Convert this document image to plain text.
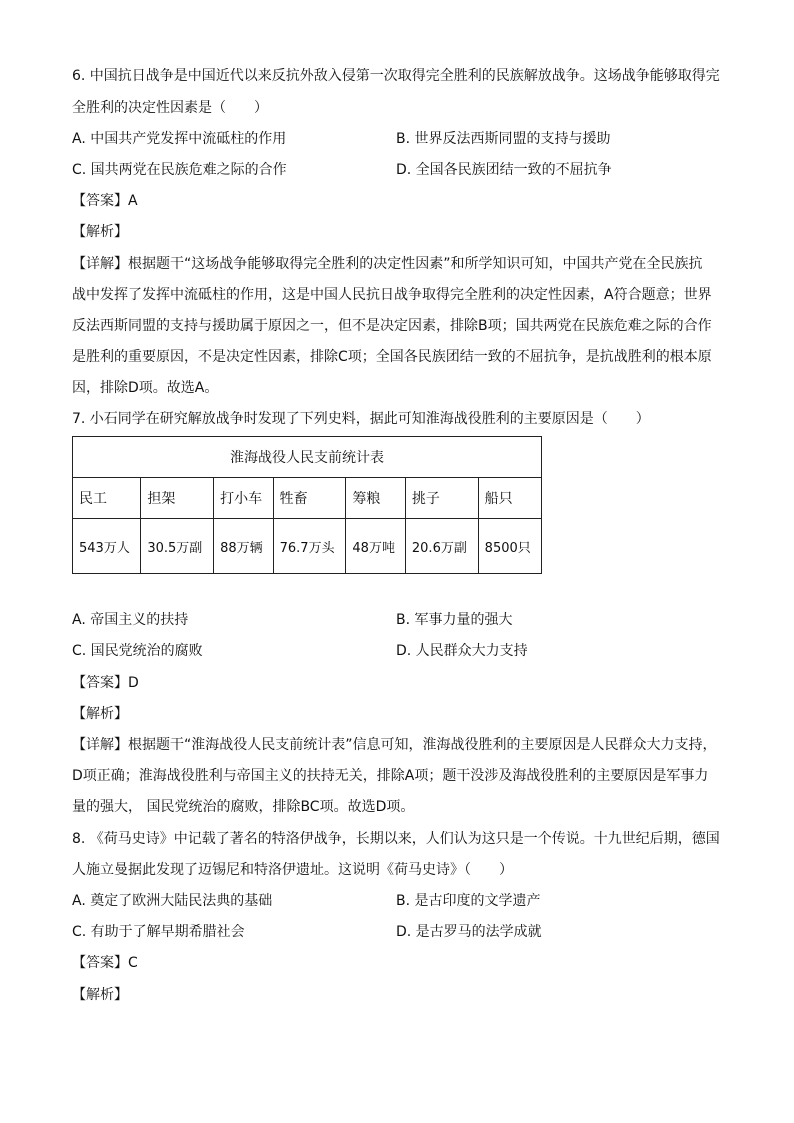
6. 中国抗日战争是中国近代以来反抗外敌入侵第一次取得完全胜利的民族解放战争。这场战争能够取得完
全胜利的决定性因素是（　　）
A. 中国共产党发挥中流砥柱的作用	B. 世界反法西斯同盟的支持与援助
C. 国共两党在民族危难之际的合作	D. 全国各民族团结一致的不屈抗争
【答案】A
【解析】
【详解】根据题干“这场战争能够取得完全胜利的决定性因素”和所学知识可知，中国共产党在全民族抗
战中发挥了发挥中流砥柱的作用，这是中国人民抗日战争取得完全胜利的决定性因素，A符合题意；世界
反法西斯同盟的支持与援助属于原因之一，但不是决定因素，排除B项；国共两党在民族危难之际的合作
是胜利的重要原因，不是决定性因素，排除C项；全国各民族团结一致的不屈抗争，是抗战胜利的根本原
因，排除D项。故选A。
7. 小石同学在研究解放战争时发现了下列史料，据此可知淮海战役胜利的主要原因是（　　）
淮海战役人民支前统计表						
民工	担架	打小车	牲畜	筹粮	挑子	船只
543万人	30.5万副	88万辆	76.7万头	48万吨	20.6万副	8500只
A. 帝国主义的扶持	B. 军事力量的强大
C. 国民党统治的腐败	D. 人民群众大力支持
【答案】D
【解析】
【详解】根据题干“淮海战役人民支前统计表”信息可知，淮海战役胜利的主要原因是人民群众大力支持，
D项正确；淮海战役胜利与帝国主义的扶持无关，排除A项；题干没涉及海战役胜利的主要原因是军事力
量的强大， 国民党统治的腐败，排除BC项。故选D项。
8. 《荷马史诗》中记载了著名的特洛伊战争，长期以来，人们认为这只是一个传说。十九世纪后期，德国
人施立曼据此发现了迈锡尼和特洛伊遗址。这说明《荷马史诗》（　　）
A. 奠定了欧洲大陆民法典的基础	B. 是古印度的文学遗产
C. 有助于了解早期希腊社会	D. 是古罗马的法学成就
【答案】C
【解析】
